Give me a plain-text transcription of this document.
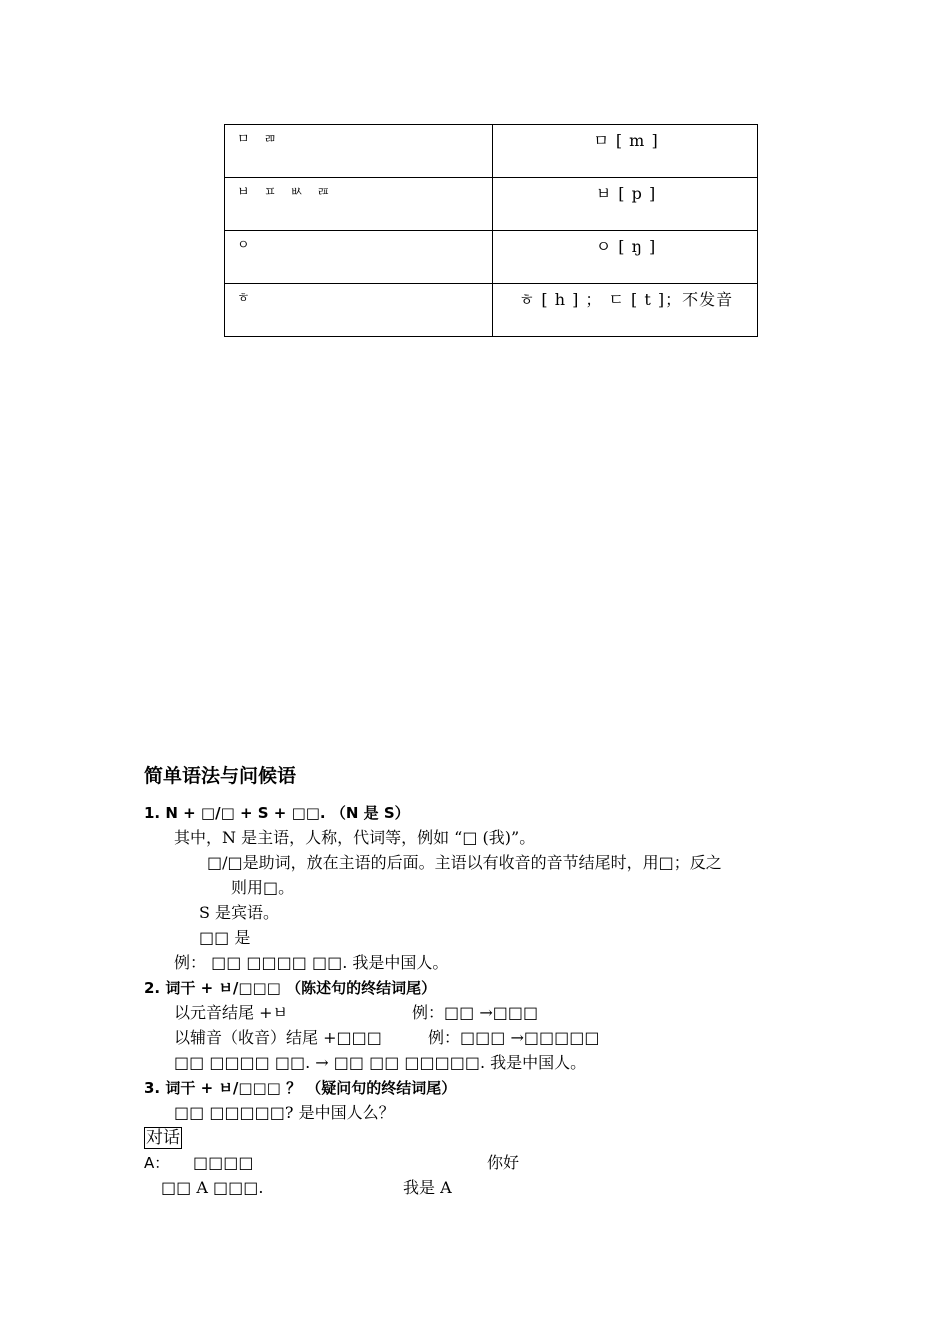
ㅁ ㄻ	ㅁ [ m ]
ㅂ ㅍ ㅄ ㄿ	ㅂ [ p ]
ㅇ	ㅇ [ ŋ ]
ㅎ	ㅎ [ h ] ； ㄷ [ t ]；不发音
简单语法与问候语
1. N + □/□ + S + □□. （N 是 S）
其中，N 是主语，人称，代词等，例如 “□ (我)”。
□/□是助词，放在主语的后面。主语以有收音的音节结尾时，用□；反之
则用□。
S 是宾语。
□□ 是
例： □□ □□□□ □□. 我是中国人。
2. 词干 + ㅂ/□□□ （陈述句的终结词尾）
以元音结尾 +ㅂ	例：□□ →□□□
以辅音（收音）结尾 +□□□	例：□□□ →□□□□□
□□ □□□□ □□. → □□ □□ □□□□□. 我是中国人。
3. 词干 + ㅂ/□□□ ？ （疑问句的终结词尾）
□□ □□□□□? 是中国人么？
对话
A： □□□□	你好
□□ A □□□.	我是 A
